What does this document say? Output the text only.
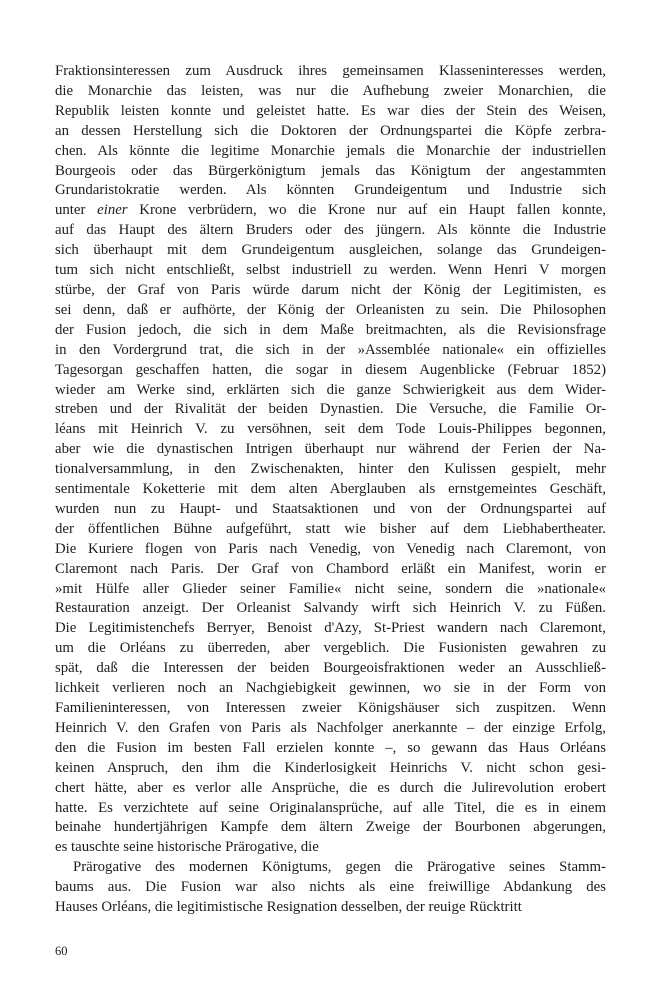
Fraktionsinteressen zum Ausdruck ihres gemeinsamen Klasseninteresses werden,
die Monarchie das leisten, was nur die Aufhebung zweier Monarchien, die
Republik leisten konnte und geleistet hatte. Es war dies der Stein des Weisen,
an dessen Herstellung sich die Doktoren der Ordnungspartei die Köpfe zerbra-
chen. Als könnte die legitime Monarchie jemals die Monarchie der industriellen
Bourgeois oder das Bürgerkönigtum jemals das Königtum der angestammten
Grundaristokratie werden. Als könnten Grundeigentum und Industrie sich
unter einer Krone verbrüdern, wo die Krone nur auf ein Haupt fallen konnte,
auf das Haupt des ältern Bruders oder des jüngern. Als könnte die Industrie
sich überhaupt mit dem Grundeigentum ausgleichen, solange das Grundeigen-
tum sich nicht entschließt, selbst industriell zu werden. Wenn Henri V morgen
stürbe, der Graf von Paris würde darum nicht der König der Legitimisten, es
sei denn, daß er aufhörte, der König der Orleanisten zu sein. Die Philosophen
der Fusion jedoch, die sich in dem Maße breitmachten, als die Revisionsfrage
in den Vordergrund trat, die sich in der »Assemblée nationale« ein offizielles
Tagesorgan geschaffen hatten, die sogar in diesem Augenblicke (Februar 1852)
wieder am Werke sind, erklärten sich die ganze Schwierigkeit aus dem Wider-
streben und der Rivalität der beiden Dynastien. Die Versuche, die Familie Or-
léans mit Heinrich V. zu versöhnen, seit dem Tode Louis-Philippes begonnen,
aber wie die dynastischen Intrigen überhaupt nur während der Ferien der Na-
tionalversammlung, in den Zwischenakten, hinter den Kulissen gespielt, mehr
sentimentale Koketterie mit dem alten Aberglauben als ernstgemeintes Geschäft,
wurden nun zu Haupt- und Staatsaktionen und von der Ordnungspartei auf
der öffentlichen Bühne aufgeführt, statt wie bisher auf dem Liebhabertheater.
Die Kuriere flogen von Paris nach Venedig, von Venedig nach Claremont, von
Claremont nach Paris. Der Graf von Chambord erläßt ein Manifest, worin er
»mit Hülfe aller Glieder seiner Familie« nicht seine, sondern die »nationale«
Restauration anzeigt. Der Orleanist Salvandy wirft sich Heinrich V. zu Füßen.
Die Legitimistenchefs Berryer, Benoist d'Azy, St-Priest wandern nach Claremont,
um die Orléans zu überreden, aber vergeblich. Die Fusionisten gewahren zu
spät, daß die Interessen der beiden Bourgeoisfraktionen weder an Ausschließ-
lichkeit verlieren noch an Nachgiebigkeit gewinnen, wo sie in der Form von
Familieninteressen, von Interessen zweier Königshäuser sich zuspitzen. Wenn
Heinrich V. den Grafen von Paris als Nachfolger anerkannte – der einzige Erfolg,
den die Fusion im besten Fall erzielen konnte –, so gewann das Haus Orléans
keinen Anspruch, den ihm die Kinderlosigkeit Heinrichs V. nicht schon gesi-
chert hätte, aber es verlor alle Ansprüche, die es durch die Julirevolution erobert
hatte. Es verzichtete auf seine Originalansprüche, auf alle Titel, die es in einem
beinahe hundertjährigen Kampfe dem ältern Zweige der Bourbonen abgerungen,
es tauschte seine historische Prärogative, die
Prärogative des modernen Königtums, gegen die Prärogative seines Stamm-
baums aus. Die Fusion war also nichts als eine freiwillige Abdankung des
Hauses Orléans, die legitimistische Resignation desselben, der reuige Rücktritt
60
